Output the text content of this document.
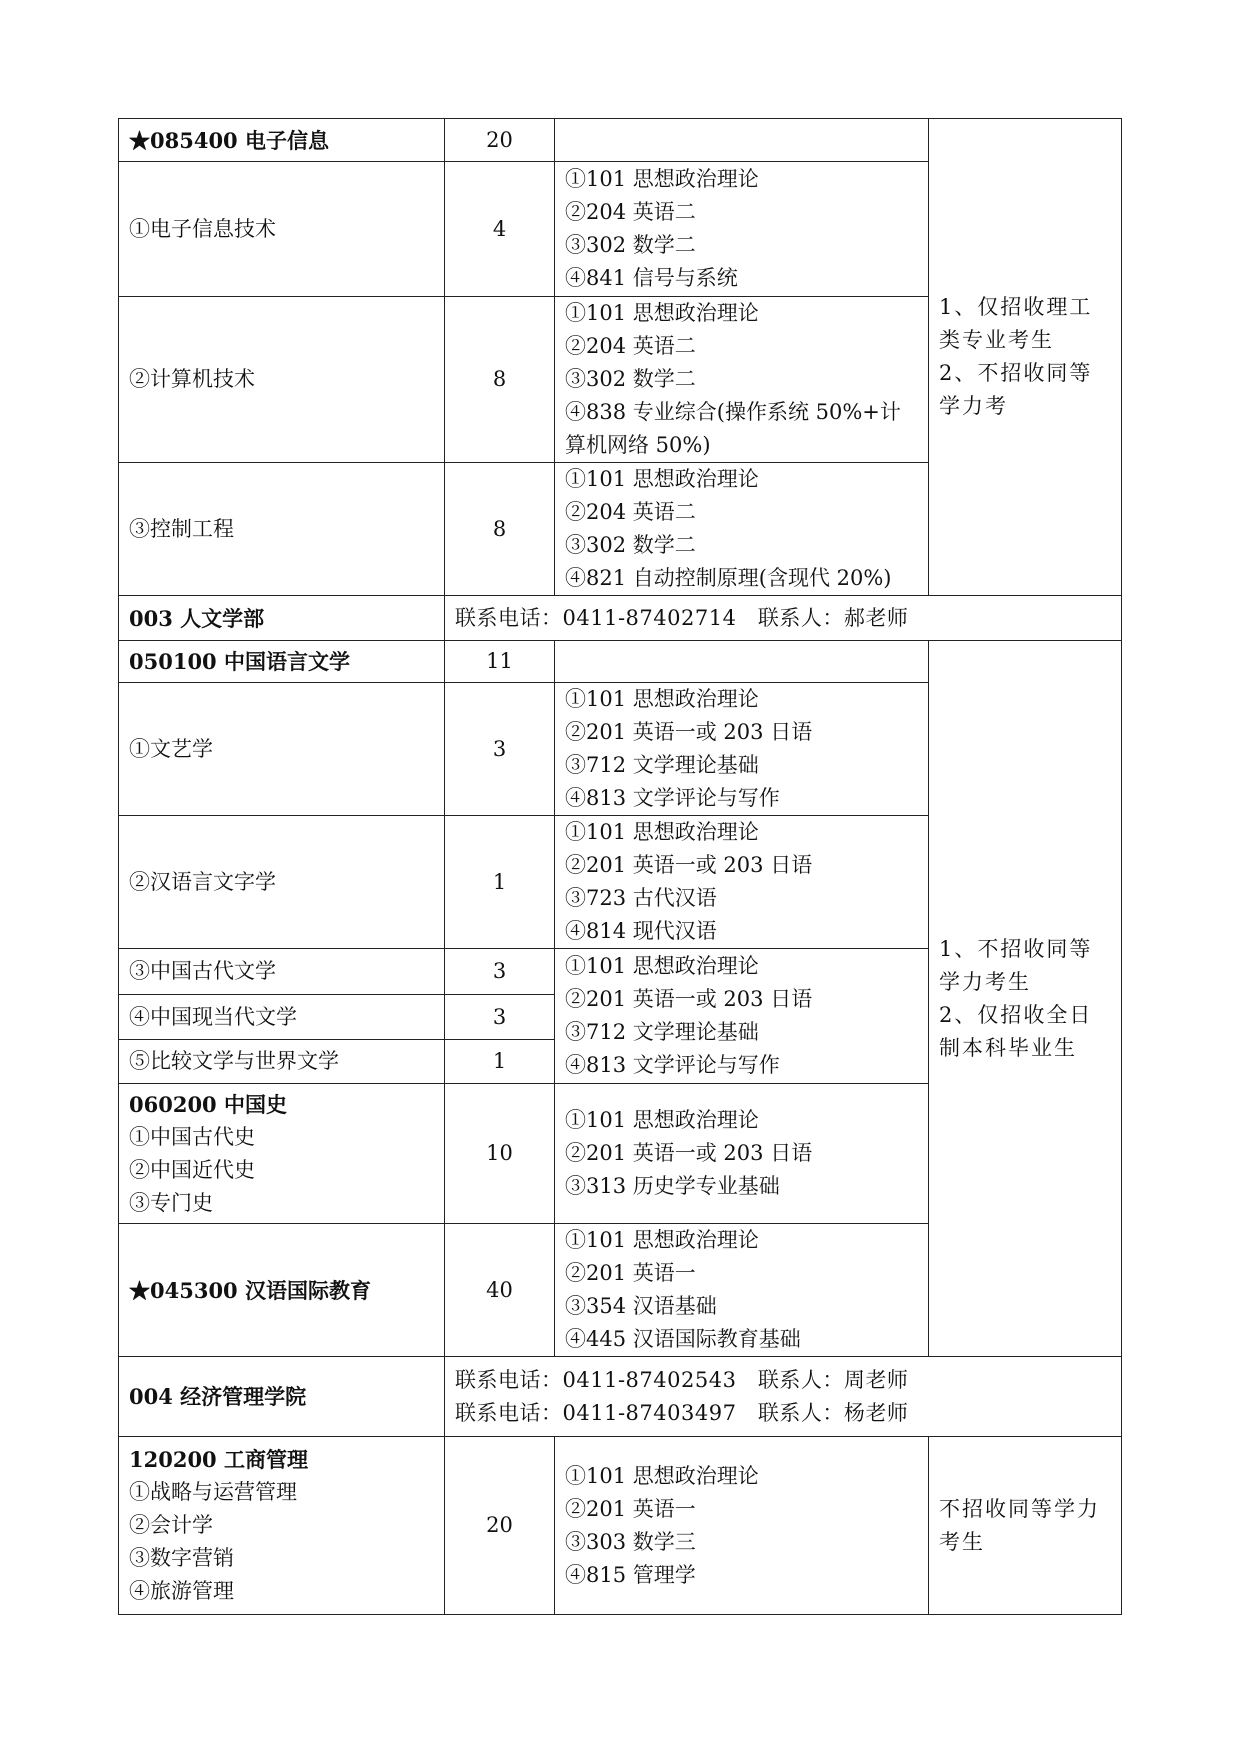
★085400 电子信息	20		1、仅招收理工类专业考生
2、不招收同等学力考

①电子信息技术	4	①101 思想政治理论
②204 英语二
③302 数学二
④841 信号与系统	

②计算机技术	8	①101 思想政治理论
②204 英语二
③302 数学二
④838 专业综合(操作系统 50%+计算机网络 50%)	

③控制工程	8	①101 思想政治理论
②204 英语二
③302 数学二
④821 自动控制原理(含现代 20%)	

003 人文学部	联系电话：0411-87402714　联系人：郝老师		
050100 中国语言文学	11		1、不招收同等学力考生
2、仅招收全日制本科毕业生

①文艺学	3	①101 思想政治理论
②201 英语一或 203 日语
③712 文学理论基础
④813 文学评论与写作	

②汉语言文字学	1	①101 思想政治理论
②201 英语一或 203 日语
③723 古代汉语
④814 现代汉语	

③中国古代文学	3	①101 思想政治理论
②201 英语一或 203 日语
③712 文学理论基础
④813 文学评论与写作	

④中国现当代文学	3		
⑤比较文学与世界文学	1		

060200 中国史
①中国古代史
②中国近代史
③专门史	10	①101 思想政治理论
②201 英语一或 203 日语
③313 历史学专业基础	

★045300 汉语国际教育	40	①101 思想政治理论
②201 英语一
③354 汉语基础
④445 汉语国际教育基础	

004 经济管理学院	联系电话：0411-87402543　联系人：周老师
联系电话：0411-87403497　联系人：杨老师		

120200 工商管理
①战略与运营管理
②会计学
③数字营销
④旅游管理	20	①101 思想政治理论
②201 英语一
③303 数学三
④815 管理学	不招收同等学力考生
